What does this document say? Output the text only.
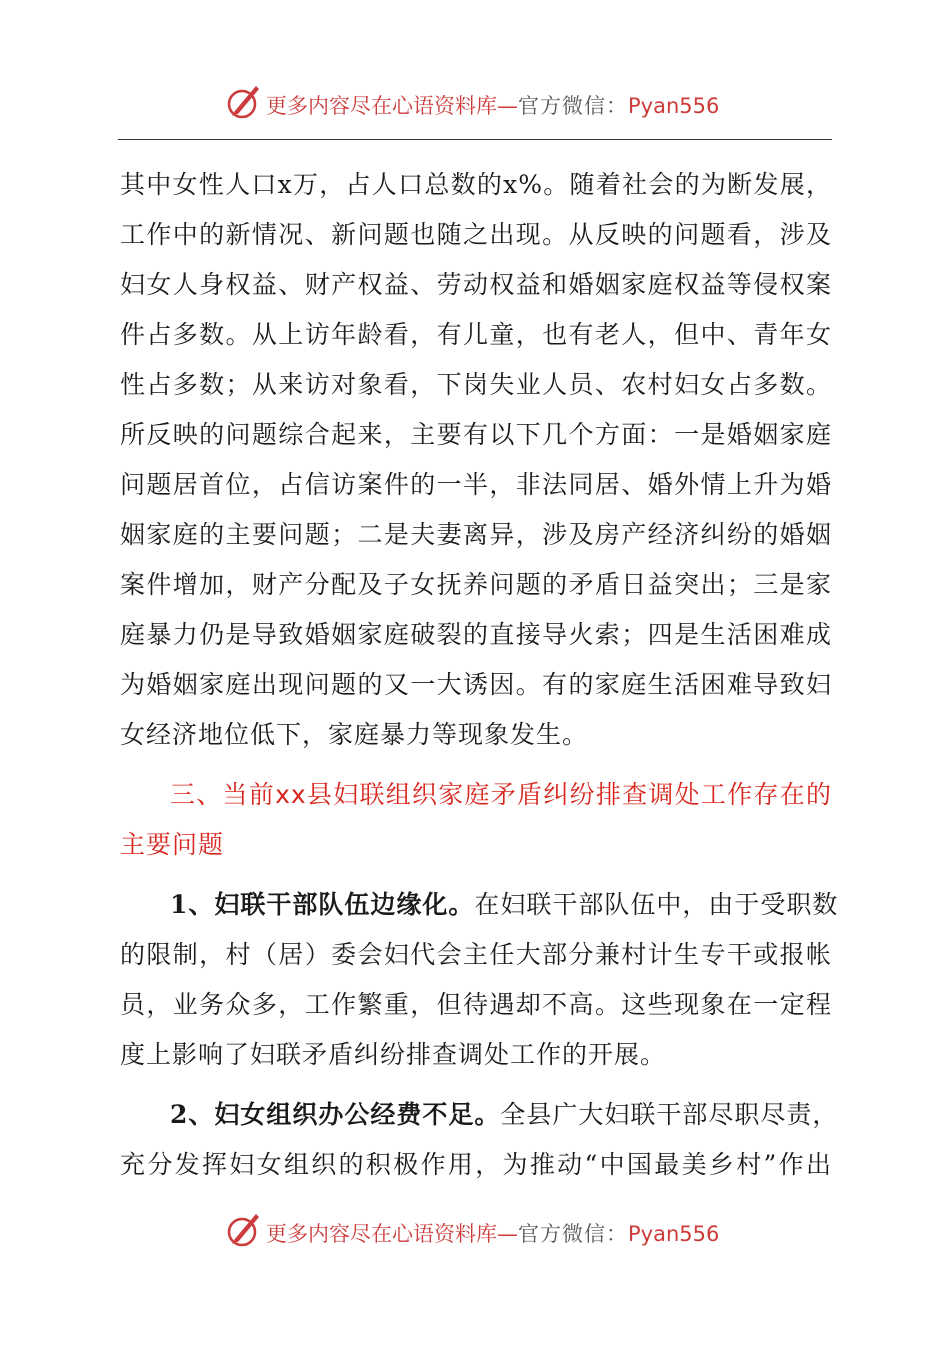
更多内容尽在心语资料库—官方微信：Pyan556
其中女性人口x万，占人口总数的x%。随着社会的为断发展，
工作中的新情况、新问题也随之出现。从反映的问题看，涉及
妇女人身权益、财产权益、劳动权益和婚姻家庭权益等侵权案
件占多数。从上访年龄看，有儿童，也有老人，但中、青年女
性占多数；从来访对象看，下岗失业人员、农村妇女占多数。
所反映的问题综合起来，主要有以下几个方面：一是婚姻家庭
问题居首位，占信访案件的一半，非法同居、婚外情上升为婚
姻家庭的主要问题；二是夫妻离异，涉及房产经济纠纷的婚姻
案件增加，财产分配及子女抚养问题的矛盾日益突出；三是家
庭暴力仍是导致婚姻家庭破裂的直接导火索；四是生活困难成
为婚姻家庭出现问题的又一大诱因。有的家庭生活困难导致妇
女经济地位低下，家庭暴力等现象发生。
三、当前xx县妇联组织家庭矛盾纠纷排查调处工作存在的
主要问题
1、妇联干部队伍边缘化。在妇联干部队伍中，由于受职数
的限制，村（居）委会妇代会主任大部分兼村计生专干或报帐
员，业务众多，工作繁重，但待遇却不高。这些现象在一定程
度上影响了妇联矛盾纠纷排查调处工作的开展。
2、妇女组织办公经费不足。全县广大妇联干部尽职尽责，
充分发挥妇女组织的积极作用，为推动“中国最美乡村”作出
更多内容尽在心语资料库—官方微信：Pyan556
